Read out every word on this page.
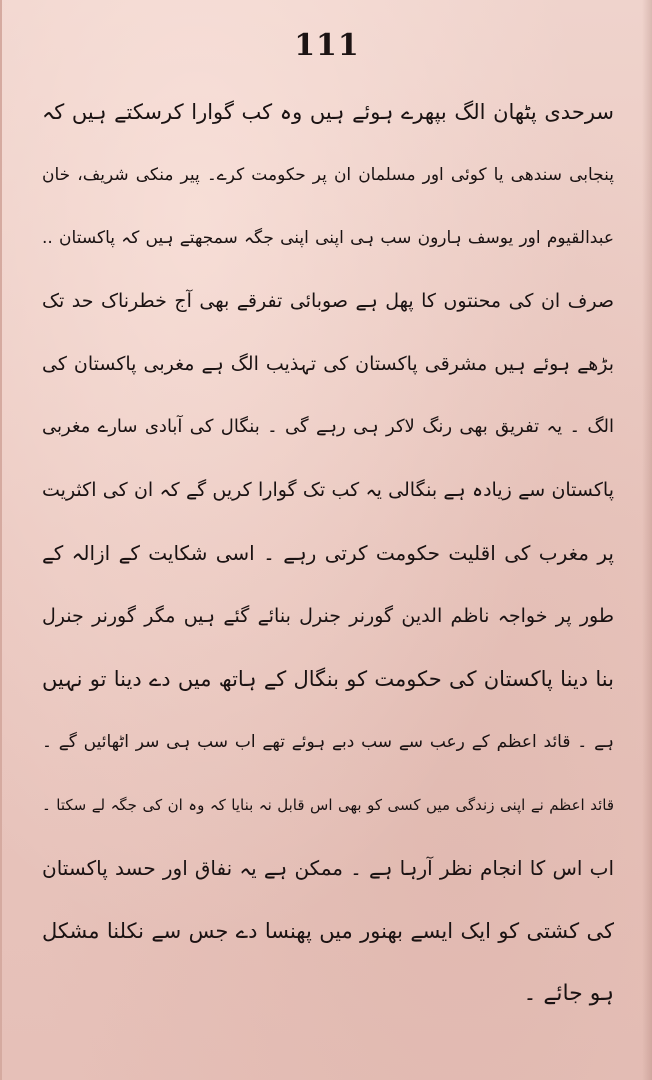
111
سرحدی پٹھان الگ بپھرے ہوئے ہیں وہ کب گوارا کرسکتے ہیں کہ
پنجابی سندھی یا کوئی اور مسلمان ان پر حکومت کرے۔ پیر منکی شریف، خان
عبدالقیوم اور یوسف ہارون سب ہی اپنی اپنی جگہ سمجھتے ہیں کہ پاکستان ..
صرف ان کی محنتوں کا پھل ہے صوبائی تفرقے بھی آج خطرناک حد تک
بڑھے ہوئے ہیں مشرقی پاکستان کی تہذیب الگ ہے مغربی پاکستان کی
الگ ۔ یہ تفریق بھی رنگ لاکر ہی رہے گی ۔ بنگال کی آبادی سارے مغربی
پاکستان سے زیادہ ہے بنگالی یہ کب تک گوارا کریں گے کہ ان کی اکثریت
پر مغرب کی اقلیت حکومت کرتی رہے ۔ اسی شکایت کے ازالہ کے
طور پر خواجہ ناظم الدین گورنر جنرل بنائے گئے ہیں مگر گورنر جنرل
بنا دینا پاکستان کی حکومت کو بنگال کے ہاتھ میں دے دینا تو نہیں
ہے ۔ قائد اعظم کے رعب سے سب دبے ہوئے تھے اب سب ہی سر اٹھائیں گے ۔
قائد اعظم نے اپنی زندگی میں کسی کو بھی اس قابل نہ بنایا کہ وہ ان کی جگہ لے سکتا ۔
اب اس کا انجام نظر آرہا ہے ۔ ممکن ہے یہ نفاق اور حسد پاکستان
کی کشتی کو ایک ایسے بھنور میں پھنسا دے جس سے نکلنا مشکل
ہو جائے ۔
